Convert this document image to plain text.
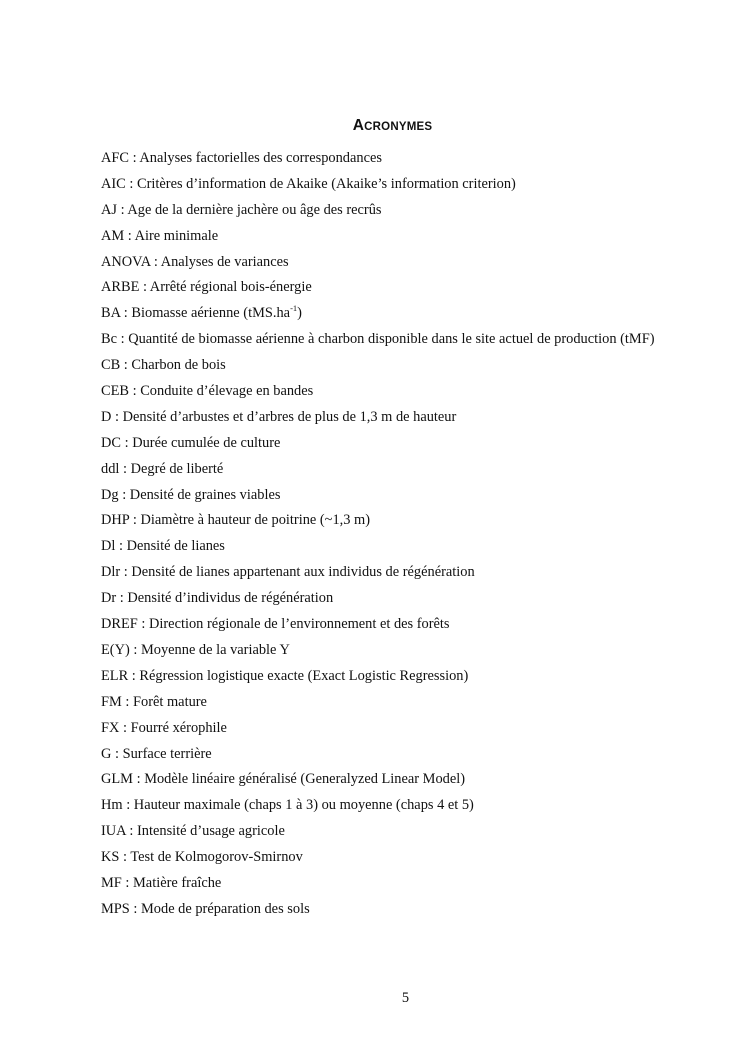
ACRONYMES
AFC : Analyses factorielles des correspondances
AIC : Critères d’information de Akaike (Akaike’s information criterion)
AJ : Age de la dernière jachère ou âge des recrûs
AM : Aire minimale
ANOVA : Analyses de variances
ARBE : Arrêté régional bois-énergie
BA : Biomasse aérienne $(tMS.ha^{-1})$
Bc : Quantité de biomasse aérienne à charbon disponible dans le site actuel de production (tMF)
CB : Charbon de bois
CEB : Conduite d’élevage en bandes
D : Densité d’arbustes et d’arbres de plus de 1,3 m de hauteur
DC : Durée cumulée de culture
ddl : Degré de liberté
Dg : Densité de graines viables
DHP : Diamètre à hauteur de poitrine (~1,3 m)
Dl : Densité de lianes
Dlr : Densité de lianes appartenant aux individus de régénération
Dr : Densité d’individus de régénération
DREF : Direction régionale de l’environnement et des forêts
E(Y) : Moyenne de la variable Y
ELR : Régression logistique exacte (Exact Logistic Regression)
FM : Forêt mature
FX : Fourré xérophile
G : Surface terrière
GLM : Modèle linéaire généralisé (Generalyzed Linear Model)
Hm : Hauteur maximale (chaps 1 à 3) ou moyenne (chaps 4 et 5)
IUA : Intensité d’usage agricole
KS : Test de Kolmogorov-Smirnov
MF : Matière fraîche
MPS : Mode de préparation des sols
5
